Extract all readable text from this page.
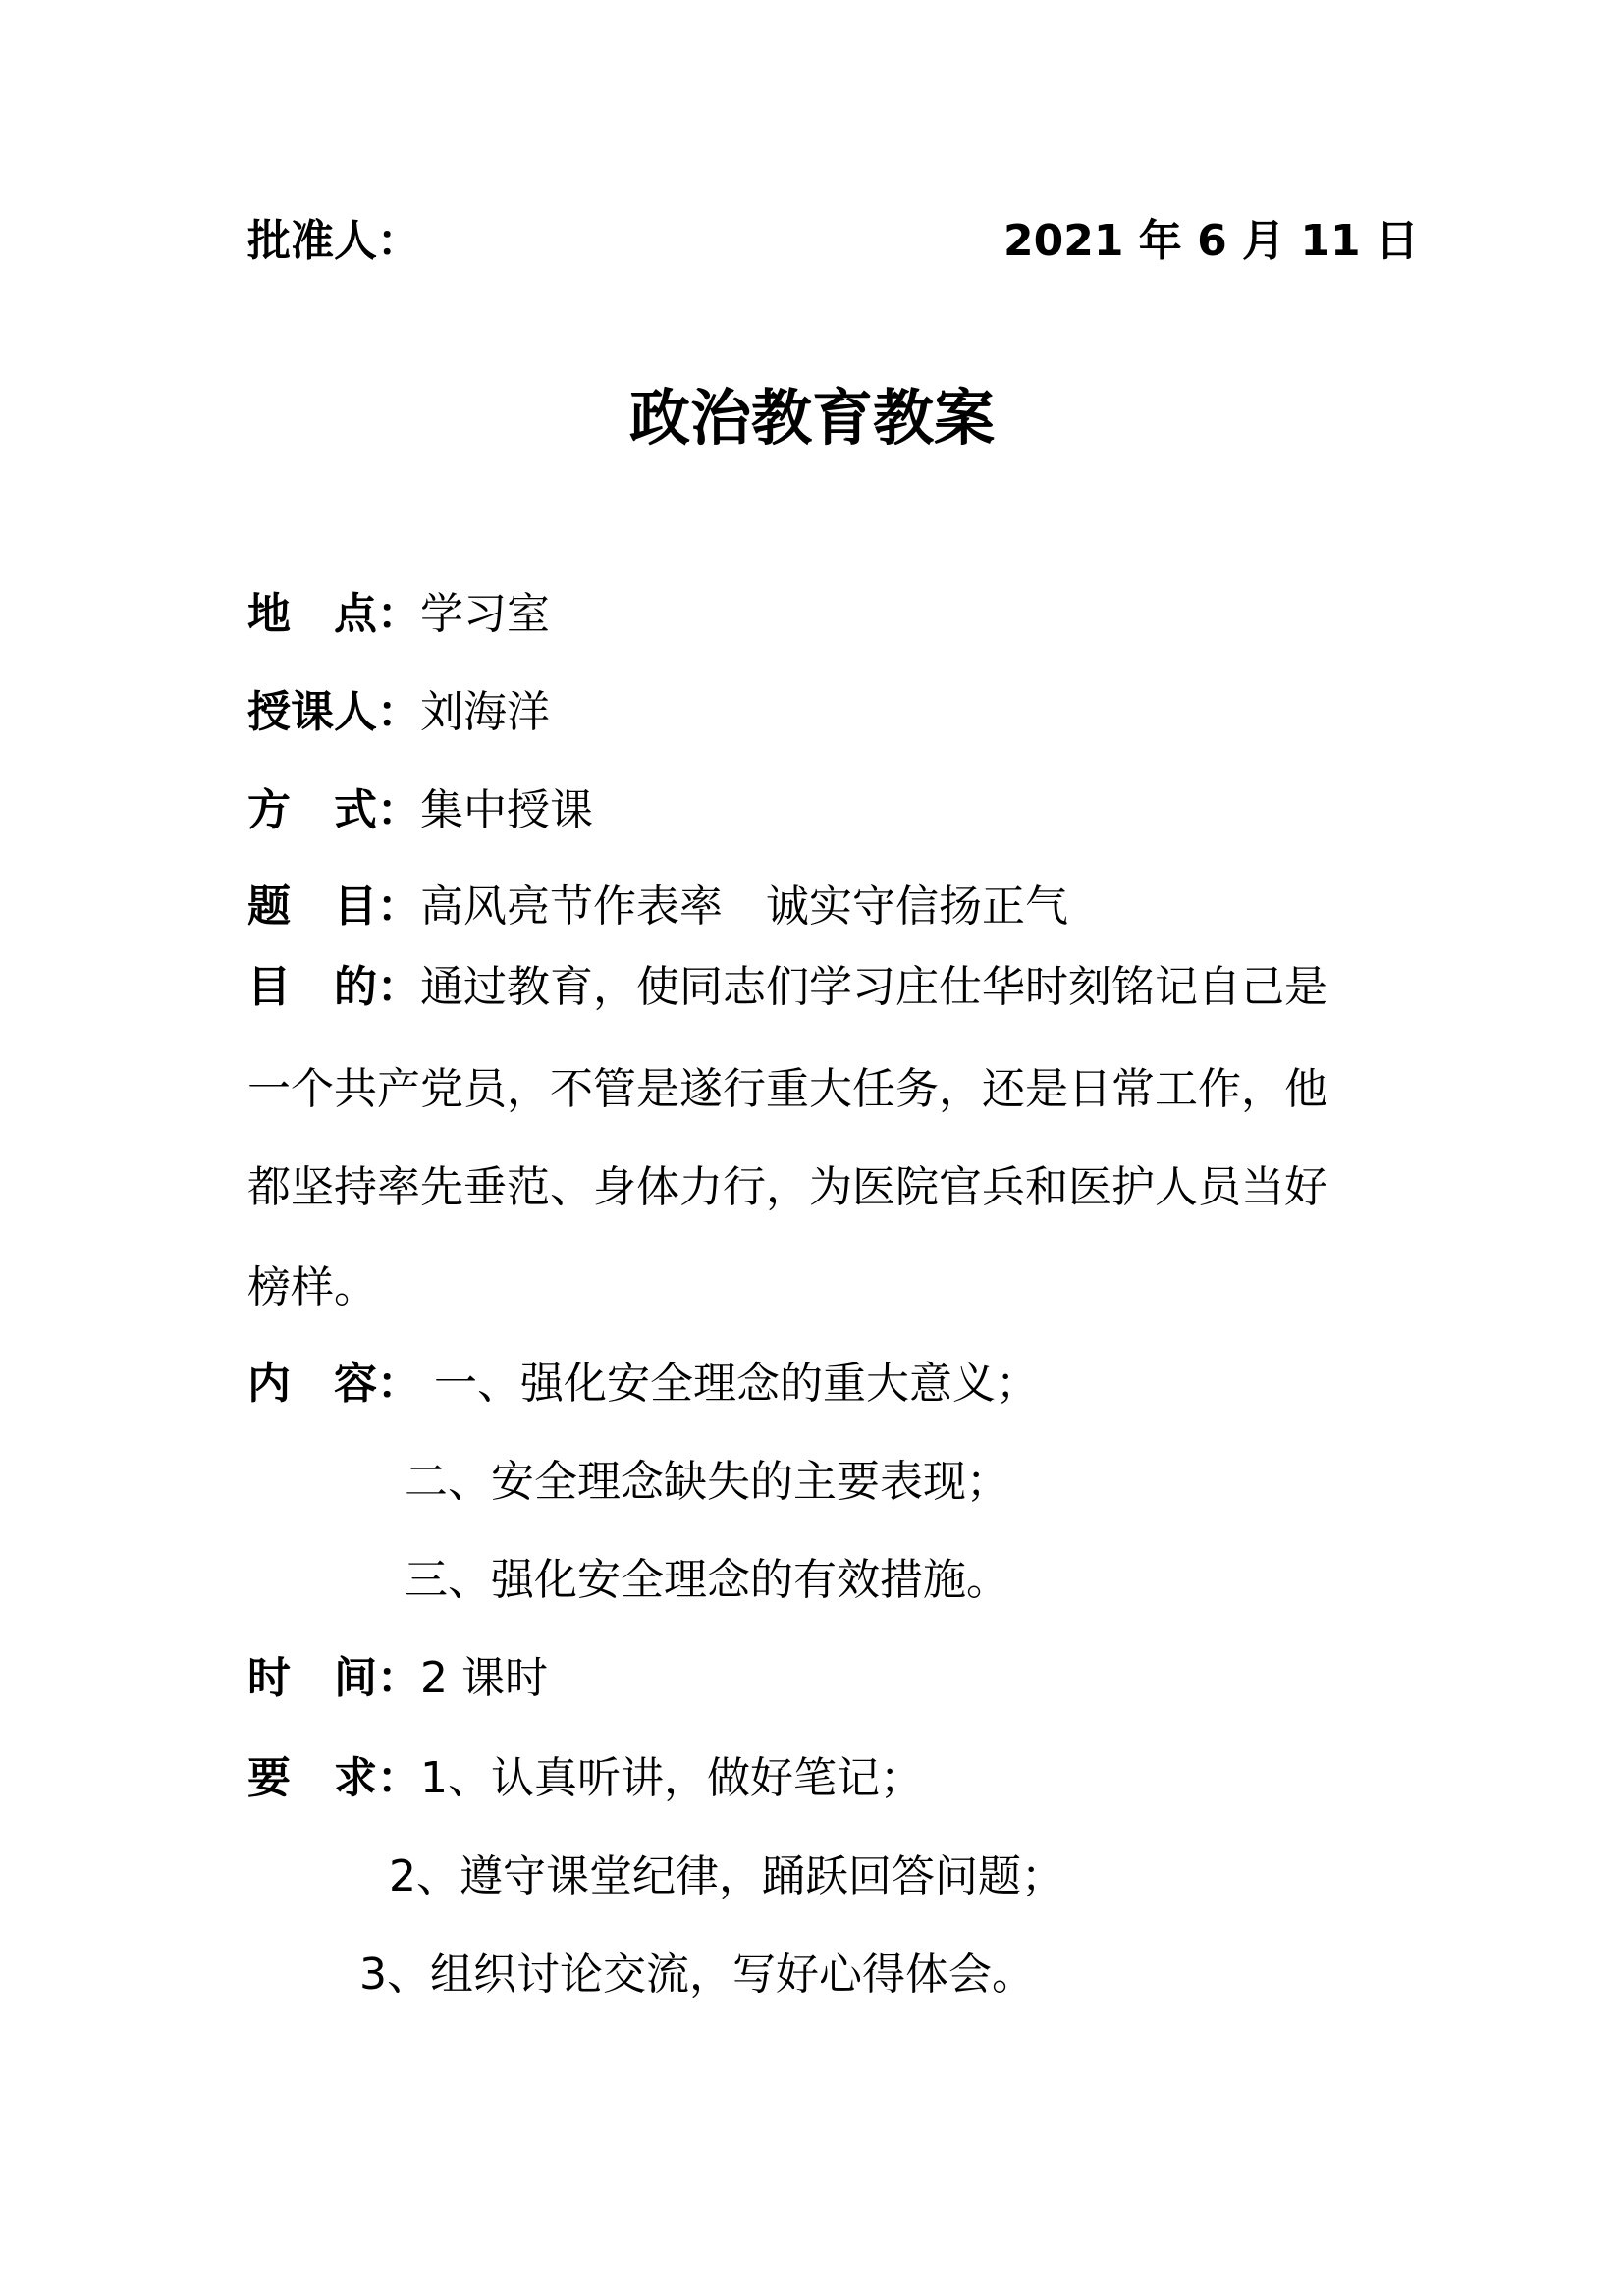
批准人：	2021 年 6 月 11 日
政治教育教案
地　点：学习室
授课人：刘海洋
方　式：集中授课
题　目：高风亮节作表率　诚实守信扬正气
目　的：通过教育，使同志们学习庄仕华时刻铭记自己是
一个共产党员，不管是遂行重大任务，还是日常工作，他
都坚持率先垂范、身体力行，为医院官兵和医护人员当好
榜样。
内　容： 一、强化安全理念的重大意义；
二、安全理念缺失的主要表现；
三、强化安全理念的有效措施。
时　间：2 课时
要　求：1、认真听讲，做好笔记；
2、遵守课堂纪律，踊跃回答问题；
3、组织讨论交流，写好心得体会。
